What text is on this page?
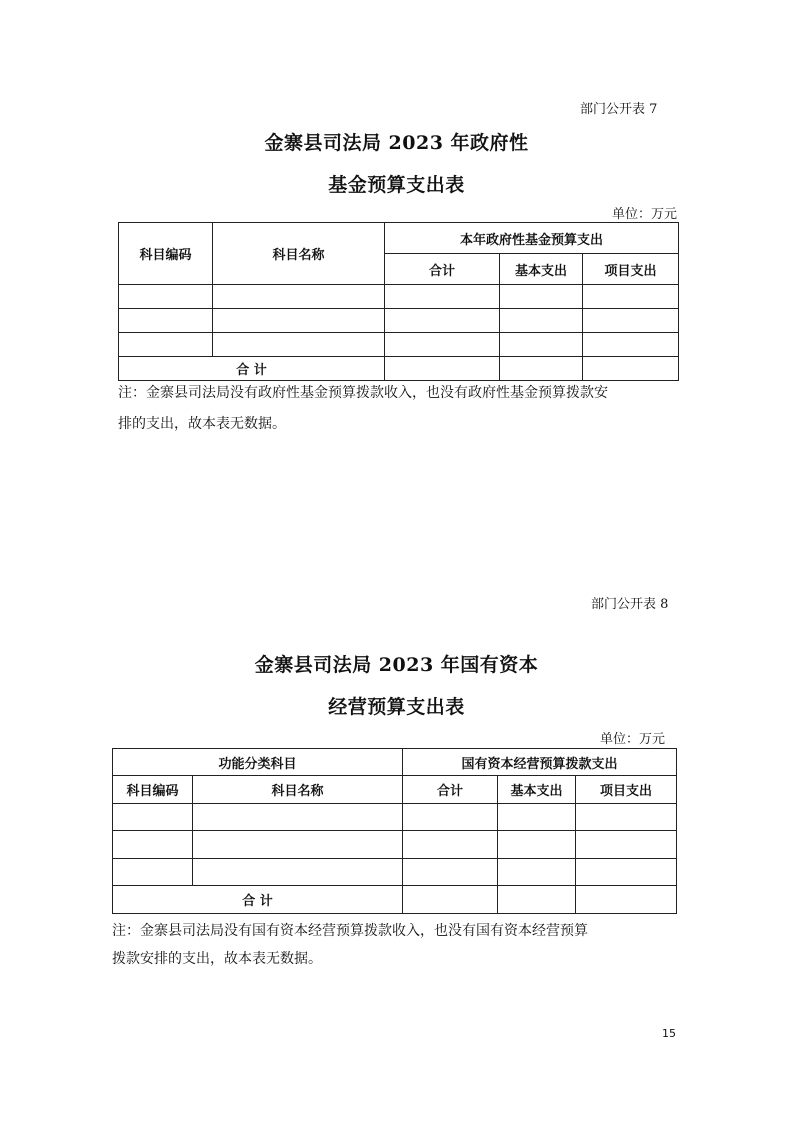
部门公开表 7
金寨县司法局 2023 年政府性
基金预算支出表
单位：万元
科目编码	科目名称	本年政府性基金预算支出		
		合计	基本支出	项目支出

合 计				
注：金寨县司法局没有政府性基金预算拨款收入，也没有政府性基金预算拨款安
排的支出，故本表无数据。
部门公开表 8
金寨县司法局 2023 年国有资本
经营预算支出表
单位：万元
功能分类科目		国有资本经营预算拨款支出		
科目编码	科目名称	合计	基本支出	项目支出

合 计				
注：金寨县司法局没有国有资本经营预算拨款收入，也没有国有资本经营预算
拨款安排的支出，故本表无数据。
15
